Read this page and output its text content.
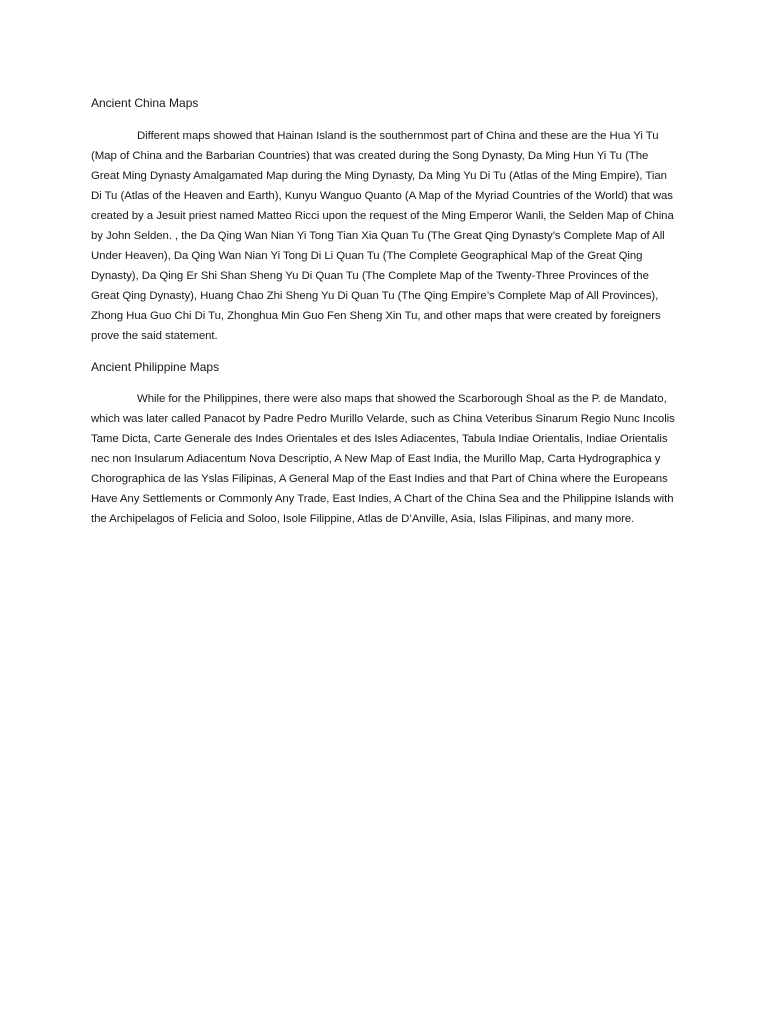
Ancient China Maps

Different maps showed that Hainan Island is the southernmost part of China and these are the Hua Yi Tu (Map of China and the Barbarian Countries) that was created during the Song Dynasty, Da Ming Hun Yi Tu (The Great Ming Dynasty Amalgamated Map during the Ming Dynasty, Da Ming Yu Di Tu (Atlas of the Ming Empire), Tian Di Tu (Atlas of the Heaven and Earth), Kunyu Wanguo Quanto (A Map of the Myriad Countries of the World) that was created by a Jesuit priest named Matteo Ricci upon the request of the Ming Emperor Wanli, the Selden Map of China by John Selden. , the Da Qing Wan Nian Yi Tong Tian Xia Quan Tu (The Great Qing Dynasty’s Complete Map of All Under Heaven), Da Qing Wan Nian Yi Tong Di Li Quan Tu (The Complete Geographical Map of the Great Qing Dynasty), Da Qing Er Shi Shan Sheng Yu Di Quan Tu (The Complete Map of the Twenty-Three Provinces of the Great Qing Dynasty), Huang Chao Zhi Sheng Yu Di Quan Tu (The Qing Empire’s Complete Map of All Provinces), Zhong Hua Guo Chi Di Tu, Zhonghua Min Guo Fen Sheng Xin Tu, and other maps that were created by foreigners prove the said statement.

Ancient Philippine Maps

While for the Philippines, there were also maps that showed the Scarborough Shoal as the P. de Mandato, which was later called Panacot by Padre Pedro Murillo Velarde, such as China Veteribus Sinarum Regio Nunc Incolis Tame Dicta, Carte Generale des Indes Orientales et des Isles Adiacentes, Tabula Indiae Orientalis, Indiae Orientalis nec non Insularum Adiacentum Nova Descriptio, A New Map of East India, the Murillo Map, Carta Hydrographica y Chorographica de las Yslas Filipinas, A General Map of the East Indies and that Part of China where the Europeans Have Any Settlements or Commonly Any Trade, East Indies, A Chart of the China Sea and the Philippine Islands with the Archipelagos of Felicia and Soloo, Isole Filippine, Atlas de D’Anville, Asia, Islas Filipinas, and many more.
